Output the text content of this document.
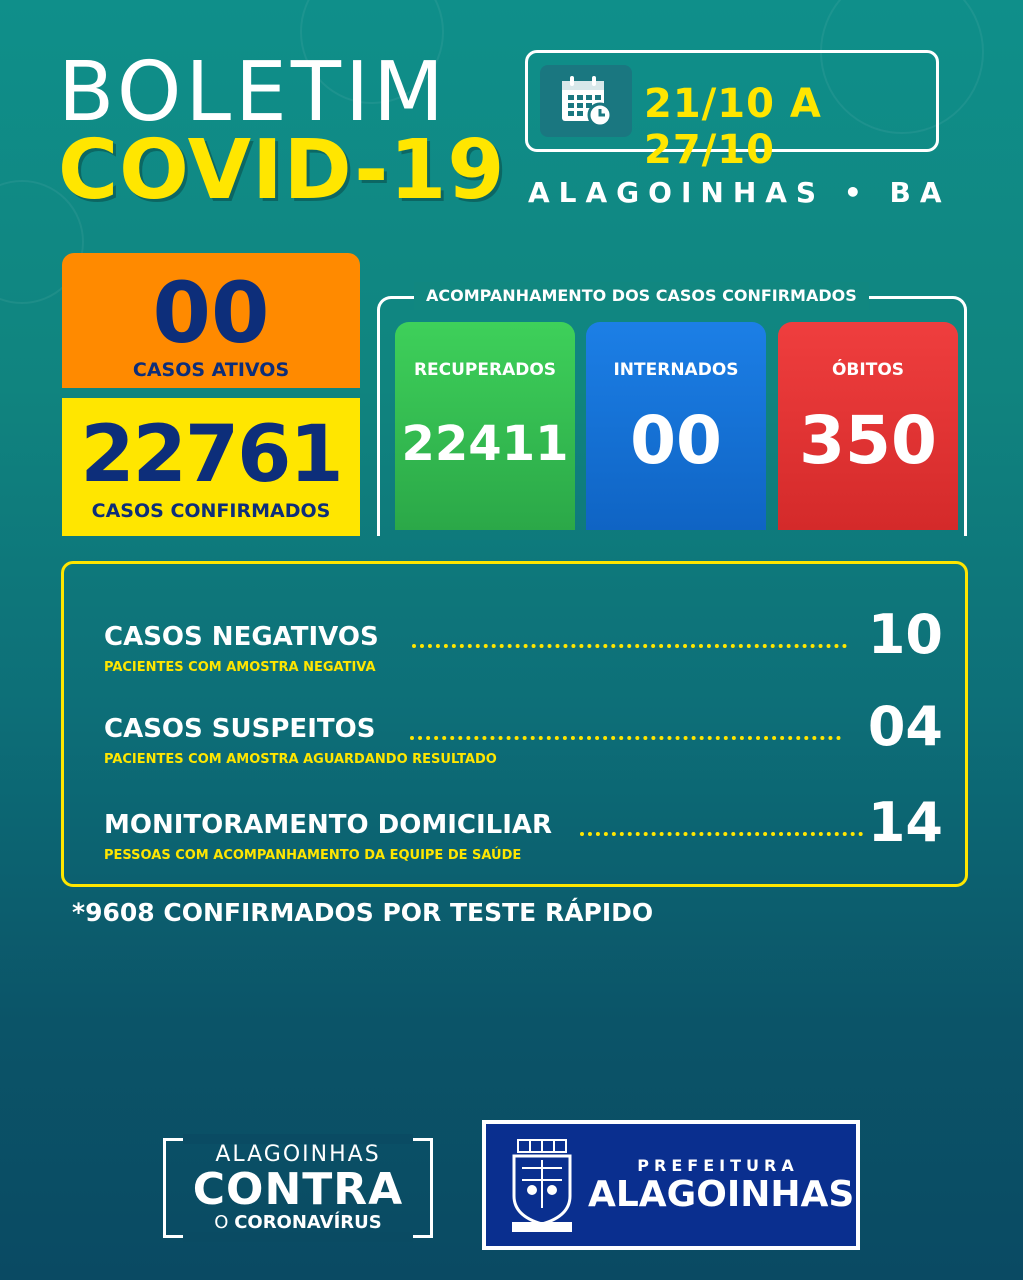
BOLETIM
COVID-19
21/10 A 27/10
ALAGOINHAS • BA
00
CASOS ATIVOS
22761
CASOS CONFIRMADOS
ACOMPANHAMENTO DOS CASOS CONFIRMADOS
RECUPERADOS
22411
INTERNADOS
00
ÓBITOS
350
CASOS NEGATIVOS	10
PACIENTES COM AMOSTRA NEGATIVA
CASOS SUSPEITOS	04
PACIENTES COM AMOSTRA AGUARDANDO RESULTADO
MONITORAMENTO DOMICILIAR	14
PESSOAS COM ACOMPANHAMENTO DA EQUIPE DE SAÚDE
*9608 CONFIRMADOS POR TESTE RÁPIDO
ALAGOINHAS
CONTRA
O CORONAVÍRUS
PREFEITURA
ALAGOINHAS
